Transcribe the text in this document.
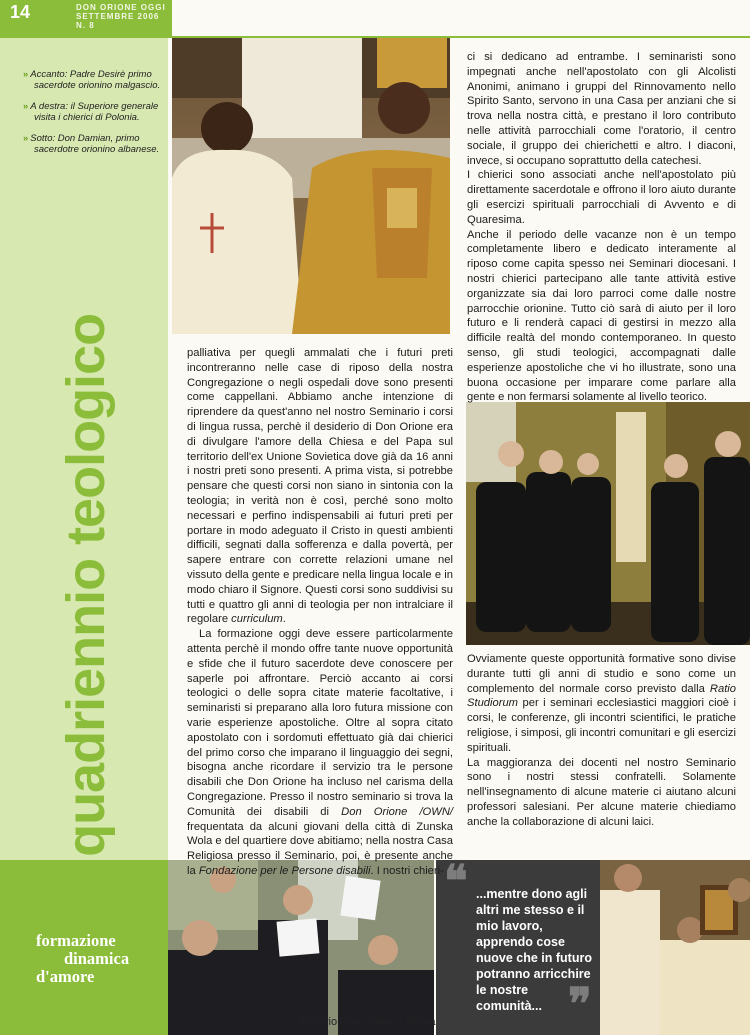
14	DON ORIONE OGGI
SETTEMBRE 2006 N. 8
» Accanto: Padre Desirè primo sacerdote orionino malgascio.
» A destra: il Superiore generale visita i chierici di Polonia.
» Sotto: Don Damian, primo sacerdotre orionino albanese.
quadriennio teologico
formazione
dinamica
d'amore
❝ ...mentre dono agli altri me stesso e il mio lavoro, apprendo cose nuove che in futuro potranno arricchire le nostre comunità... ❞

palliativa per quegli ammalati che i futuri preti incontreranno nelle case di riposo della nostra Congregazione o negli ospedali dove sono presenti come cappellani. Abbiamo anche intenzione di riprendere da quest'anno nel nostro Seminario i corsi di lingua russa, perchè il desiderio di Don Orione era di divulgare l'amore della Chiesa e del Papa sul territorio dell'ex Unione Sovietica dove già da 16 anni i nostri preti sono presenti. A prima vista, si potrebbe pensare che questi corsi non siano in sintonia con la teologia; in verità non è così, perché sono molto necessari e perfino indispensabili ai futuri preti per portare in modo adeguato il Cristo in questi ambienti difficili, segnati dalla sofferenza e dalla povertà, per sapere entrare con corrette relazioni umane nel vissuto della gente e predicare nella lingua locale e in modo chiaro il Signore. Questi corsi sono suddivisi su tutti e quattro gli anni di teologia per non intralciare il regolare curriculum.

La formazione oggi deve essere particolarmente attenta perchè il mondo offre tante nuove opportunità e sfide che il futuro sacerdote deve conoscere per saperle poi affrontare. Perciò accanto ai corsi teologici o delle sopra citate materie facoltative, i seminaristi si preparano alla loro futura missione con varie esperienze apostoliche. Oltre al sopra citato apostolato con i sordomuti effettuato già dai chierici del primo corso che imparano il linguaggio dei segni, bisogna anche ricordare il servizio tra le persone disabili che Don Orione ha incluso nel carisma della Congregazione. Presso il nostro seminario si trova la Comunità dei disabili di Don Orione /OWN/ frequentata da alcuni giovani della città di Zunska Wola e del quartiere dove abitiamo; nella nostra Casa Religiosa presso il Seminario, poi, è presente anche la Fondazione per le Persone disabili. I nostri chieri-

ci si dedicano ad entrambe. I seminaristi sono impegnati anche nell'apostolato con gli Alcolisti Anonimi, animano i gruppi del Rinnovamento nello Spirito Santo, servono in una Casa per anziani che si trova nella nostra città, e prestano il loro contributo nelle attività parrocchiali come l'oratorio, il centro sociale, il gruppo dei chierichetti e altro. I diaconi, invece, si occupano soprattutto della catechesi.

I chierici sono associati anche nell'apostolato più direttamente sacerdotale e offrono il loro aiuto durante gli esercizi spirituali parrocchiali di Avvento e di Quaresima.

Anche il periodo delle vacanze non è un tempo completamente libero e dedicato interamente al riposo come capita spesso nei Seminari diocesani. I nostri chierici partecipano alle tante attività estive organizzate sia dai loro parroci come dalle nostre parrocchie orionine. Tutto ciò sarà di aiuto per il loro futuro e li renderà capaci di gestirsi in mezzo alla difficile realtà del mondo contemporaneo. In questo senso, gli studi teologici, accompagnati dalle esperienze apostoliche che vi ho illustrate, sono una buona occasione per imparare come parlare alla gente e non fermarsi solamente al livello teorico.

Ovviamente queste opportunità formative sono divise durante tutti gli anni di studio e sono come un complemento del normale corso previsto dalla Ratio Studiorum per i seminari ecclesiastici maggiori cioè i corsi, le conferenze, gli incontri scientifici, le pratiche religiose, i simposi, gli incontri comunitari e gli esercizi spirituali.

La maggioranza dei docenti nel nostro Seminario sono i nostri stessi confratelli. Solamente nell'insegnamento di alcune materie ci aiutano alcuni professori salesiani. Per alcune materie chiediamo anche la collaborazione di alcuni laici.

Archivio Don Orione - Roma
